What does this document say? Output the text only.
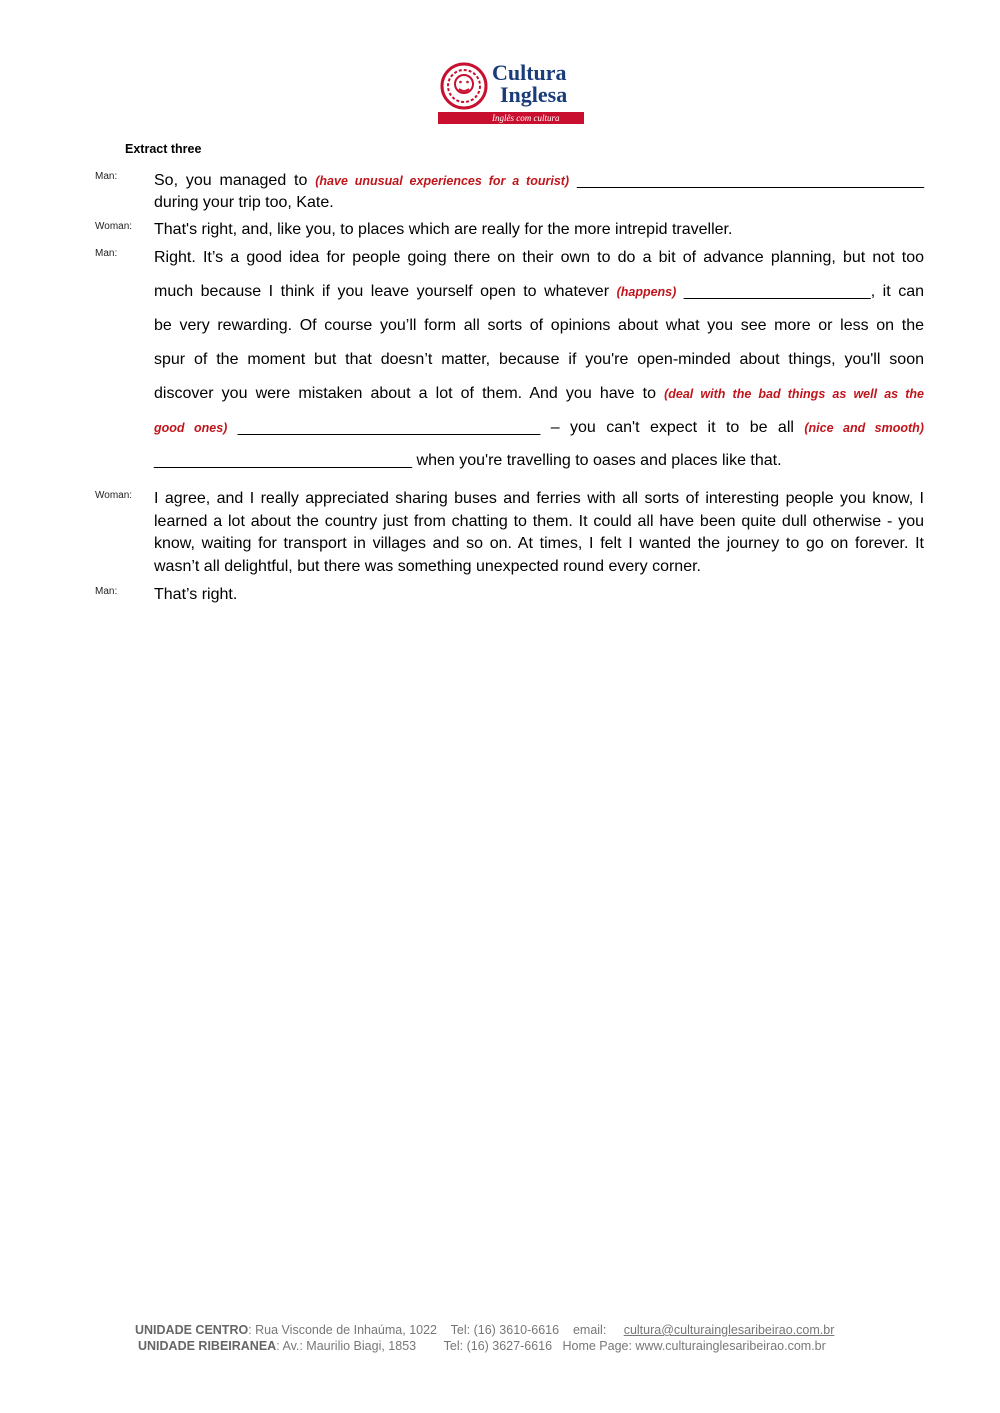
Cultura
Inglesa
Inglês com cultura
Extract three
Man: So, you managed to (have unusual experiences for a tourist) _______________________________________
during your trip too, Kate.
Woman: That's right, and, like you, to places which are really for the more intrepid traveller.
Man: Right. It’s a good idea for people going there on their own to do a bit of advance planning, but not too
much because I think if you leave yourself open to whatever (happens) _____________________, it can
be very rewarding. Of course you’ll form all sorts of opinions about what you see more or less on the
spur of the moment but that doesn’t matter, because if you're open-minded about things, you'll soon
discover you were mistaken about a lot of them. And you have to (deal with the bad things as well as the
good ones) __________________________________ – you can't expect it to be all (nice and smooth)
_____________________________ when you're travelling to oases and places like that.
Woman: I agree, and I really appreciated sharing buses and ferries with all sorts of interesting people you know, I learned a lot about the country just from chatting to them. It could all have been quite dull otherwise - you know, waiting for transport in villages and so on. At times, I felt I wanted the journey to go on forever. It wasn’t all delightful, but there was something unexpected round every corner.
Man: That’s right.
UNIDADE CENTRO: Rua Visconde de Inhaúma, 1022    Tel: (16) 3610-6616    email: cultura@culturainglesaribeirao.com.br
UNIDADE RIBEIRANEA: Av.: Maurilio Biagi, 1853        Tel: (16) 3627-6616   Home Page: www.culturainglesaribeirao.com.br
